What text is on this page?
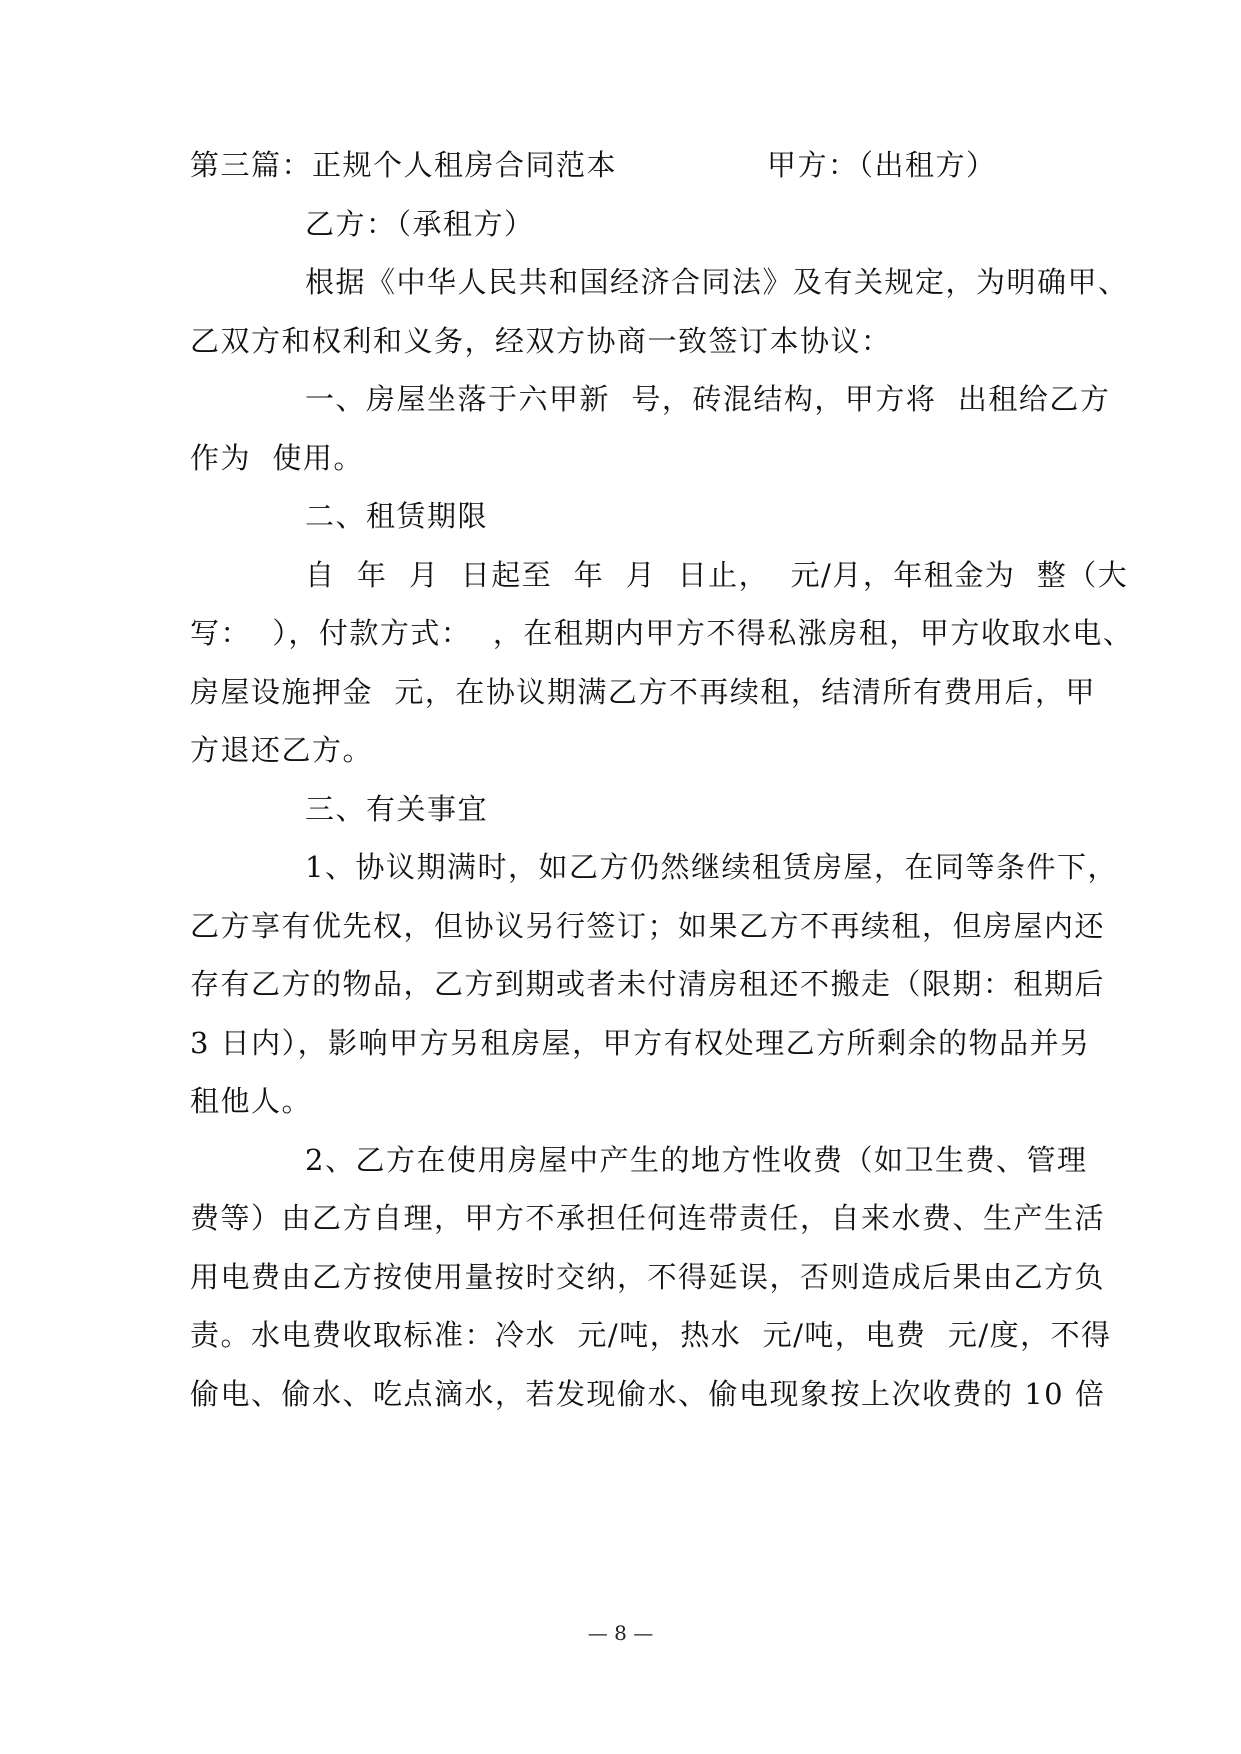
第三篇：正规个人租房合同范本              甲方：（出租方）
乙方：（承租方）
根据《中华人民共和国经济合同法》及有关规定，为明确甲、
乙双方和权利和义务，经双方协商一致签订本协议：
一、房屋坐落于六甲新  号，砖混结构，甲方将  出租给乙方
作为  使用。
二、租赁期限
自  年  月  日起至  年  月  日止，  元/月，年租金为  整（大
写：  ），付款方式：  ，在租期内甲方不得私涨房租，甲方收取水电、
房屋设施押金  元，在协议期满乙方不再续租，结清所有费用后，甲
方退还乙方。
三、有关事宜
1、协议期满时，如乙方仍然继续租赁房屋，在同等条件下，
乙方享有优先权，但协议另行签订；如果乙方不再续租，但房屋内还
存有乙方的物品，乙方到期或者未付清房租还不搬走（限期：租期后
3 日内），影响甲方另租房屋，甲方有权处理乙方所剩余的物品并另
租他人。
2、乙方在使用房屋中产生的地方性收费（如卫生费、管理
费等）由乙方自理，甲方不承担任何连带责任，自来水费、生产生活
用电费由乙方按使用量按时交纳，不得延误，否则造成后果由乙方负
责。水电费收取标准：冷水  元/吨，热水  元/吨，电费  元/度，不得
偷电、偷水、吃点滴水，若发现偷水、偷电现象按上次收费的 10 倍
— 8 —
